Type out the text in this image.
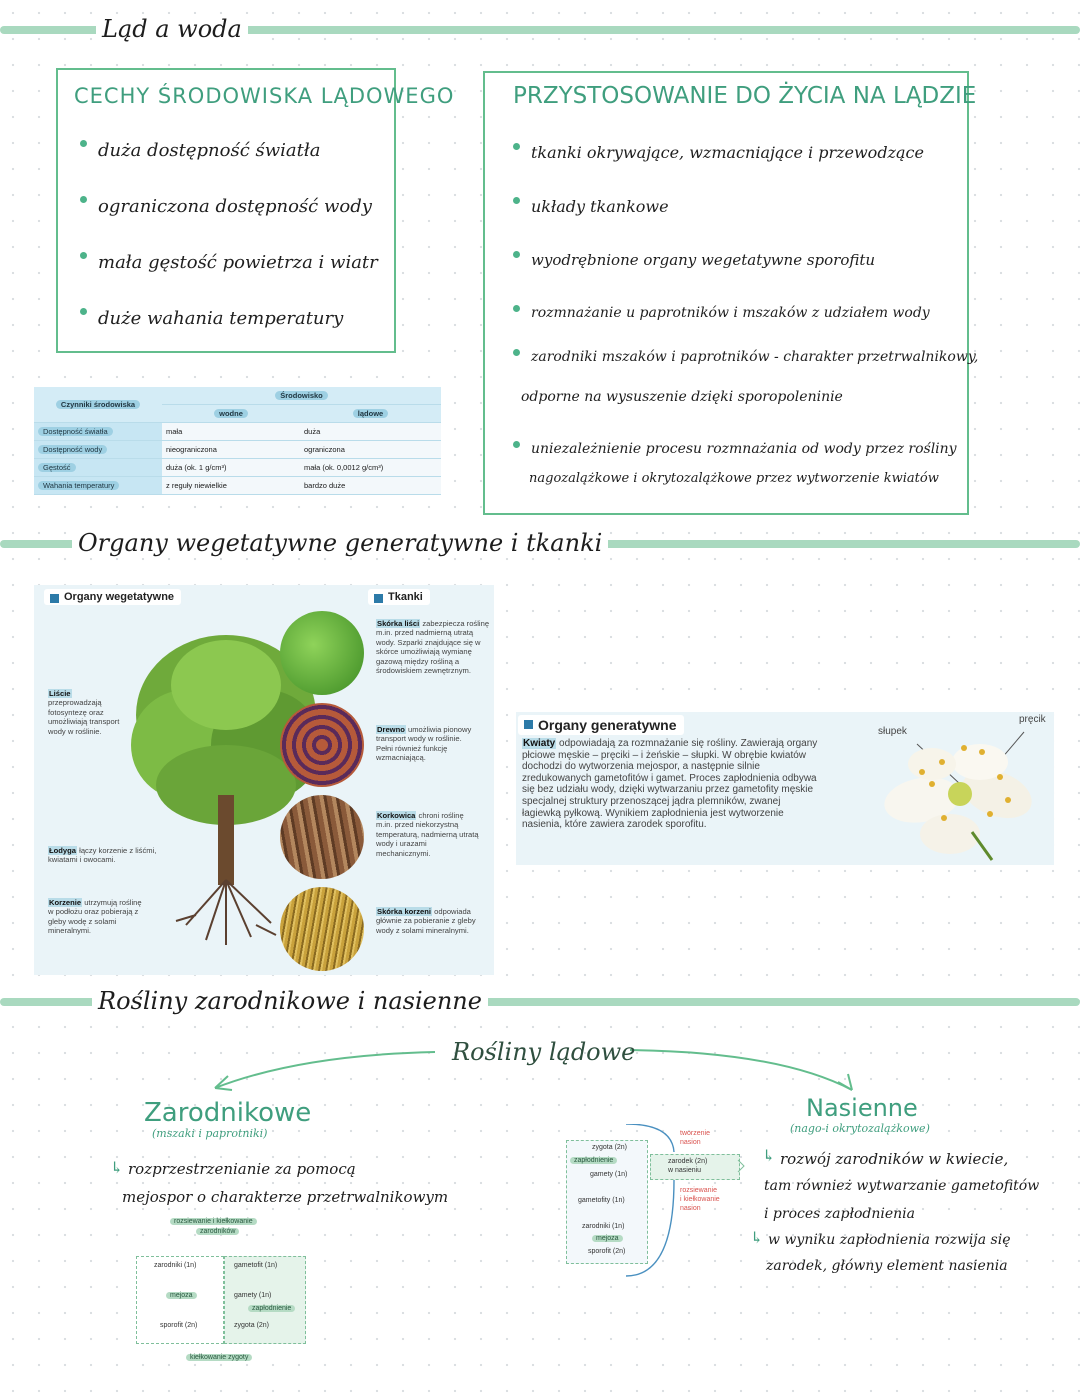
Ląd a woda
CECHY ŚRODOWISKA LĄDOWEGO
duża dostępność światła
ograniczona dostępność wody
mała gęstość powietrza i wiatr
duże wahania temperatury
PRZYSTOSOWANIE DO ŻYCIA NA LĄDZIE
tkanki okrywające, wzmacniające i przewodzące
układy tkankowe
wyodrębnione organy wegetatywne sporofitu
rozmnażanie u paprotników i mszaków z udziałem wody
zarodniki mszaków i paprotników - charakter przetrwalnikowy,
odporne na wysuszenie dzięki sporopoleninie
uniezależnienie procesu rozmnażania od wody przez rośliny
nagozalążkowe i okrytozalążkowe przez wytworzenie kwiatów
Czynniki środowiska	Środowisko	
	wodne	lądowe
Dostępność światła	mała	duża
Dostępność wody	nieograniczona	ograniczona
Gęstość	duża (ok. 1 g/cm³)	mała (ok. 0,0012 g/cm³)
Wahania temperatury	z reguły niewielkie	bardzo duże
Organy wegetatywne generatywne i tkanki
Organy wegetatywne	Tkanki
Liście przeprowadzają fotosyntezę oraz umożliwiają transport wody w roślinie.
Łodyga łączy korzenie z liśćmi, kwiatami i owocami.
Korzenie utrzymują roślinę w podłożu oraz pobierają z gleby wodę z solami mineralnymi.
Skórka liści zabezpiecza roślinę m.in. przed nadmierną utratą wody. Szparki znajdujące się w skórce umożliwiają wymianę gazową między rośliną a środowiskiem zewnętrznym.
Drewno umożliwia pionowy transport wody w roślinie. Pełni również funkcję wzmacniającą.
Korkowica chroni roślinę m.in. przed niekorzystną temperaturą, nadmierną utratą wody i urazami mechanicznymi.
Skórka korzeni odpowiada głównie za pobieranie z gleby wody z solami mineralnymi.
Organy generatywne
Kwiaty odpowiadają za rozmnażanie się rośliny. Zawierają organy płciowe męskie – pręciki – i żeńskie – słupki. W obrębie kwiatów dochodzi do wytworzenia mejospor, a następnie silnie zredukowanych gametofitów i gamet. Proces zapłodnienia odbywa się bez udziału wody, dzięki wytwarzaniu przez gametofity męskie specjalnej struktury przenoszącej jądra plemników, zwanej łagiewką pyłkową. Wynikiem zapłodnienia jest wytworzenie nasienia, które zawiera zarodek sporofitu.
pręcik
słupek
Rośliny zarodnikowe i nasienne
Rośliny lądowe
Zarodnikowe
(mszaki i paprotniki)
↳ rozprzestrzenianie za pomocą
mejospor o charakterze przetrwalnikowym
Nasienne
(nago-i okrytozalążkowe)
↳ rozwój zarodników w kwiecie,
tam również wytwarzanie gametofitów
i proces zapłodnienia
↳ w wyniku zapłodnienia rozwija się
zarodek, główny element nasienia
rozsiewanie i kiełkowanie
zarodników
zarodniki (1n)	gametofit (1n)
mejoza	gamety (1n)
zapłodnienie
sporofit (2n)	zygota (2n)
kiełkowanie zygoty
zygota (2n)
zapłodnienie
gamety (1n)
gametofity (1n)
zarodniki (1n)
mejoza
sporofit (2n)
zarodek (2n)
w nasieniu
tworzenie
nasion
rozsiewanie
i kiełkowanie
nasion
